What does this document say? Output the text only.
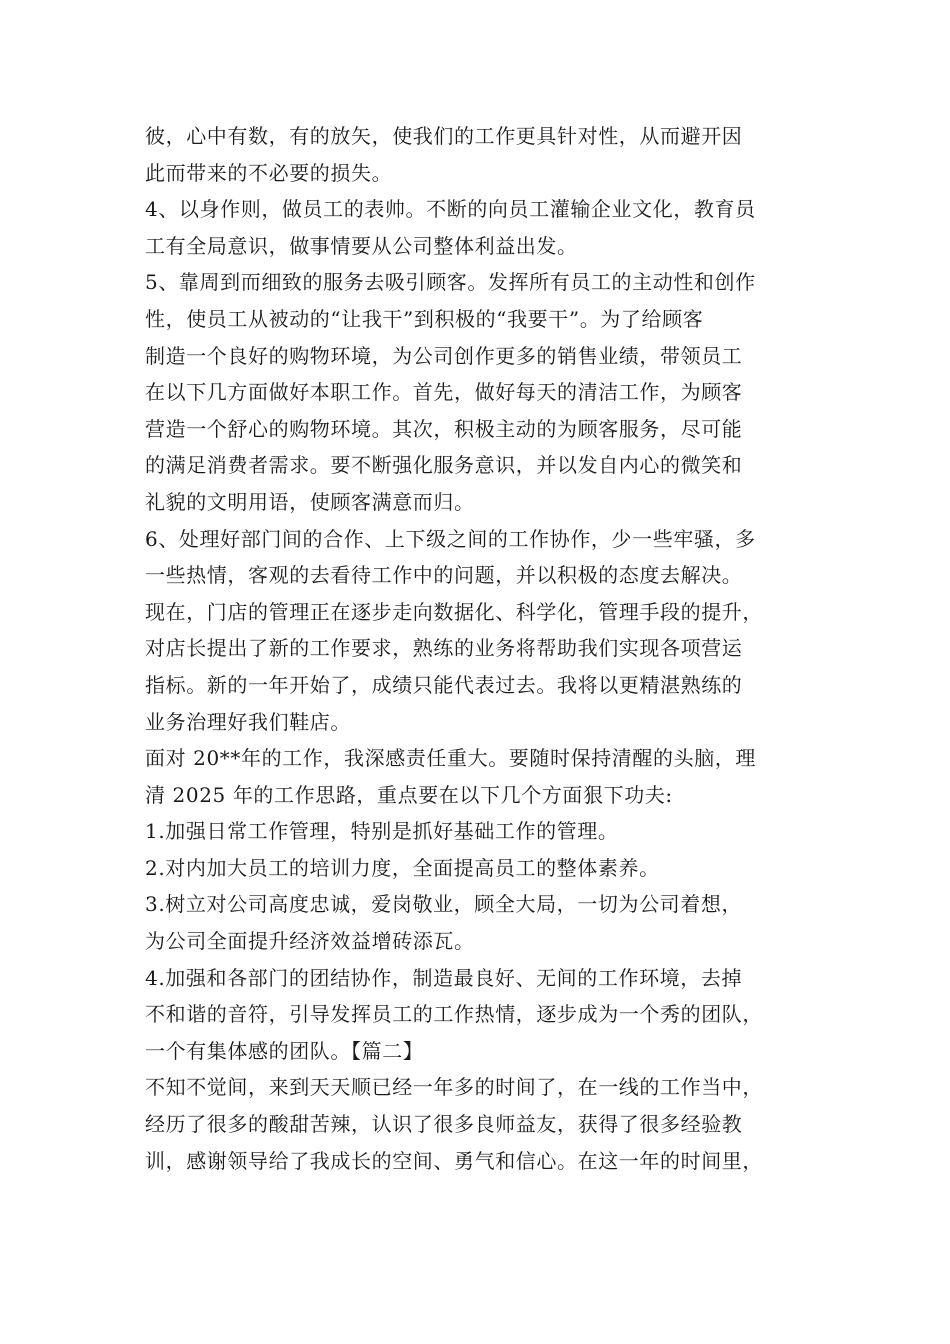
彼，心中有数，有的放矢，使我们的工作更具针对性，从而避开因
此而带来的不必要的损失。
4、以身作则，做员工的表帅。不断的向员工灌输企业文化，教育员
工有全局意识，做事情要从公司整体利益出发。
5、靠周到而细致的服务去吸引顾客。发挥所有员工的主动性和创作
性，使员工从被动的“让我干”到积极的“我要干”。为了给顾客
制造一个良好的购物环境，为公司创作更多的销售业绩，带领员工
在以下几方面做好本职工作。首先，做好每天的清洁工作，为顾客
营造一个舒心的购物环境。其次，积极主动的为顾客服务，尽可能
的满足消费者需求。要不断强化服务意识，并以发自内心的微笑和
礼貌的文明用语，使顾客满意而归。
6、处理好部门间的合作、上下级之间的工作协作，少一些牢骚，多
一些热情，客观的去看待工作中的问题，并以积极的态度去解决。
现在，门店的管理正在逐步走向数据化、科学化，管理手段的提升，
对店长提出了新的工作要求，熟练的业务将帮助我们实现各项营运
指标。新的一年开始了，成绩只能代表过去。我将以更精湛熟练的
业务治理好我们鞋店。
面对 20**年的工作，我深感责任重大。要随时保持清醒的头脑，理
清 2025 年的工作思路，重点要在以下几个方面狠下功夫:
1.加强日常工作管理，特别是抓好基础工作的管理。
2.对内加大员工的培训力度，全面提高员工的整体素养。
3.树立对公司高度忠诚，爱岗敬业，顾全大局，一切为公司着想，
为公司全面提升经济效益增砖添瓦。
4.加强和各部门的团结协作，制造最良好、无间的工作环境，去掉
不和谐的音符，引导发挥员工的工作热情，逐步成为一个秀的团队，
一个有集体感的团队。【篇二】
不知不觉间，来到天天顺已经一年多的时间了，在一线的工作当中，
经历了很多的酸甜苦辣，认识了很多良师益友，获得了很多经验教
训，感谢领导给了我成长的空间、勇气和信心。在这一年的时间里，
